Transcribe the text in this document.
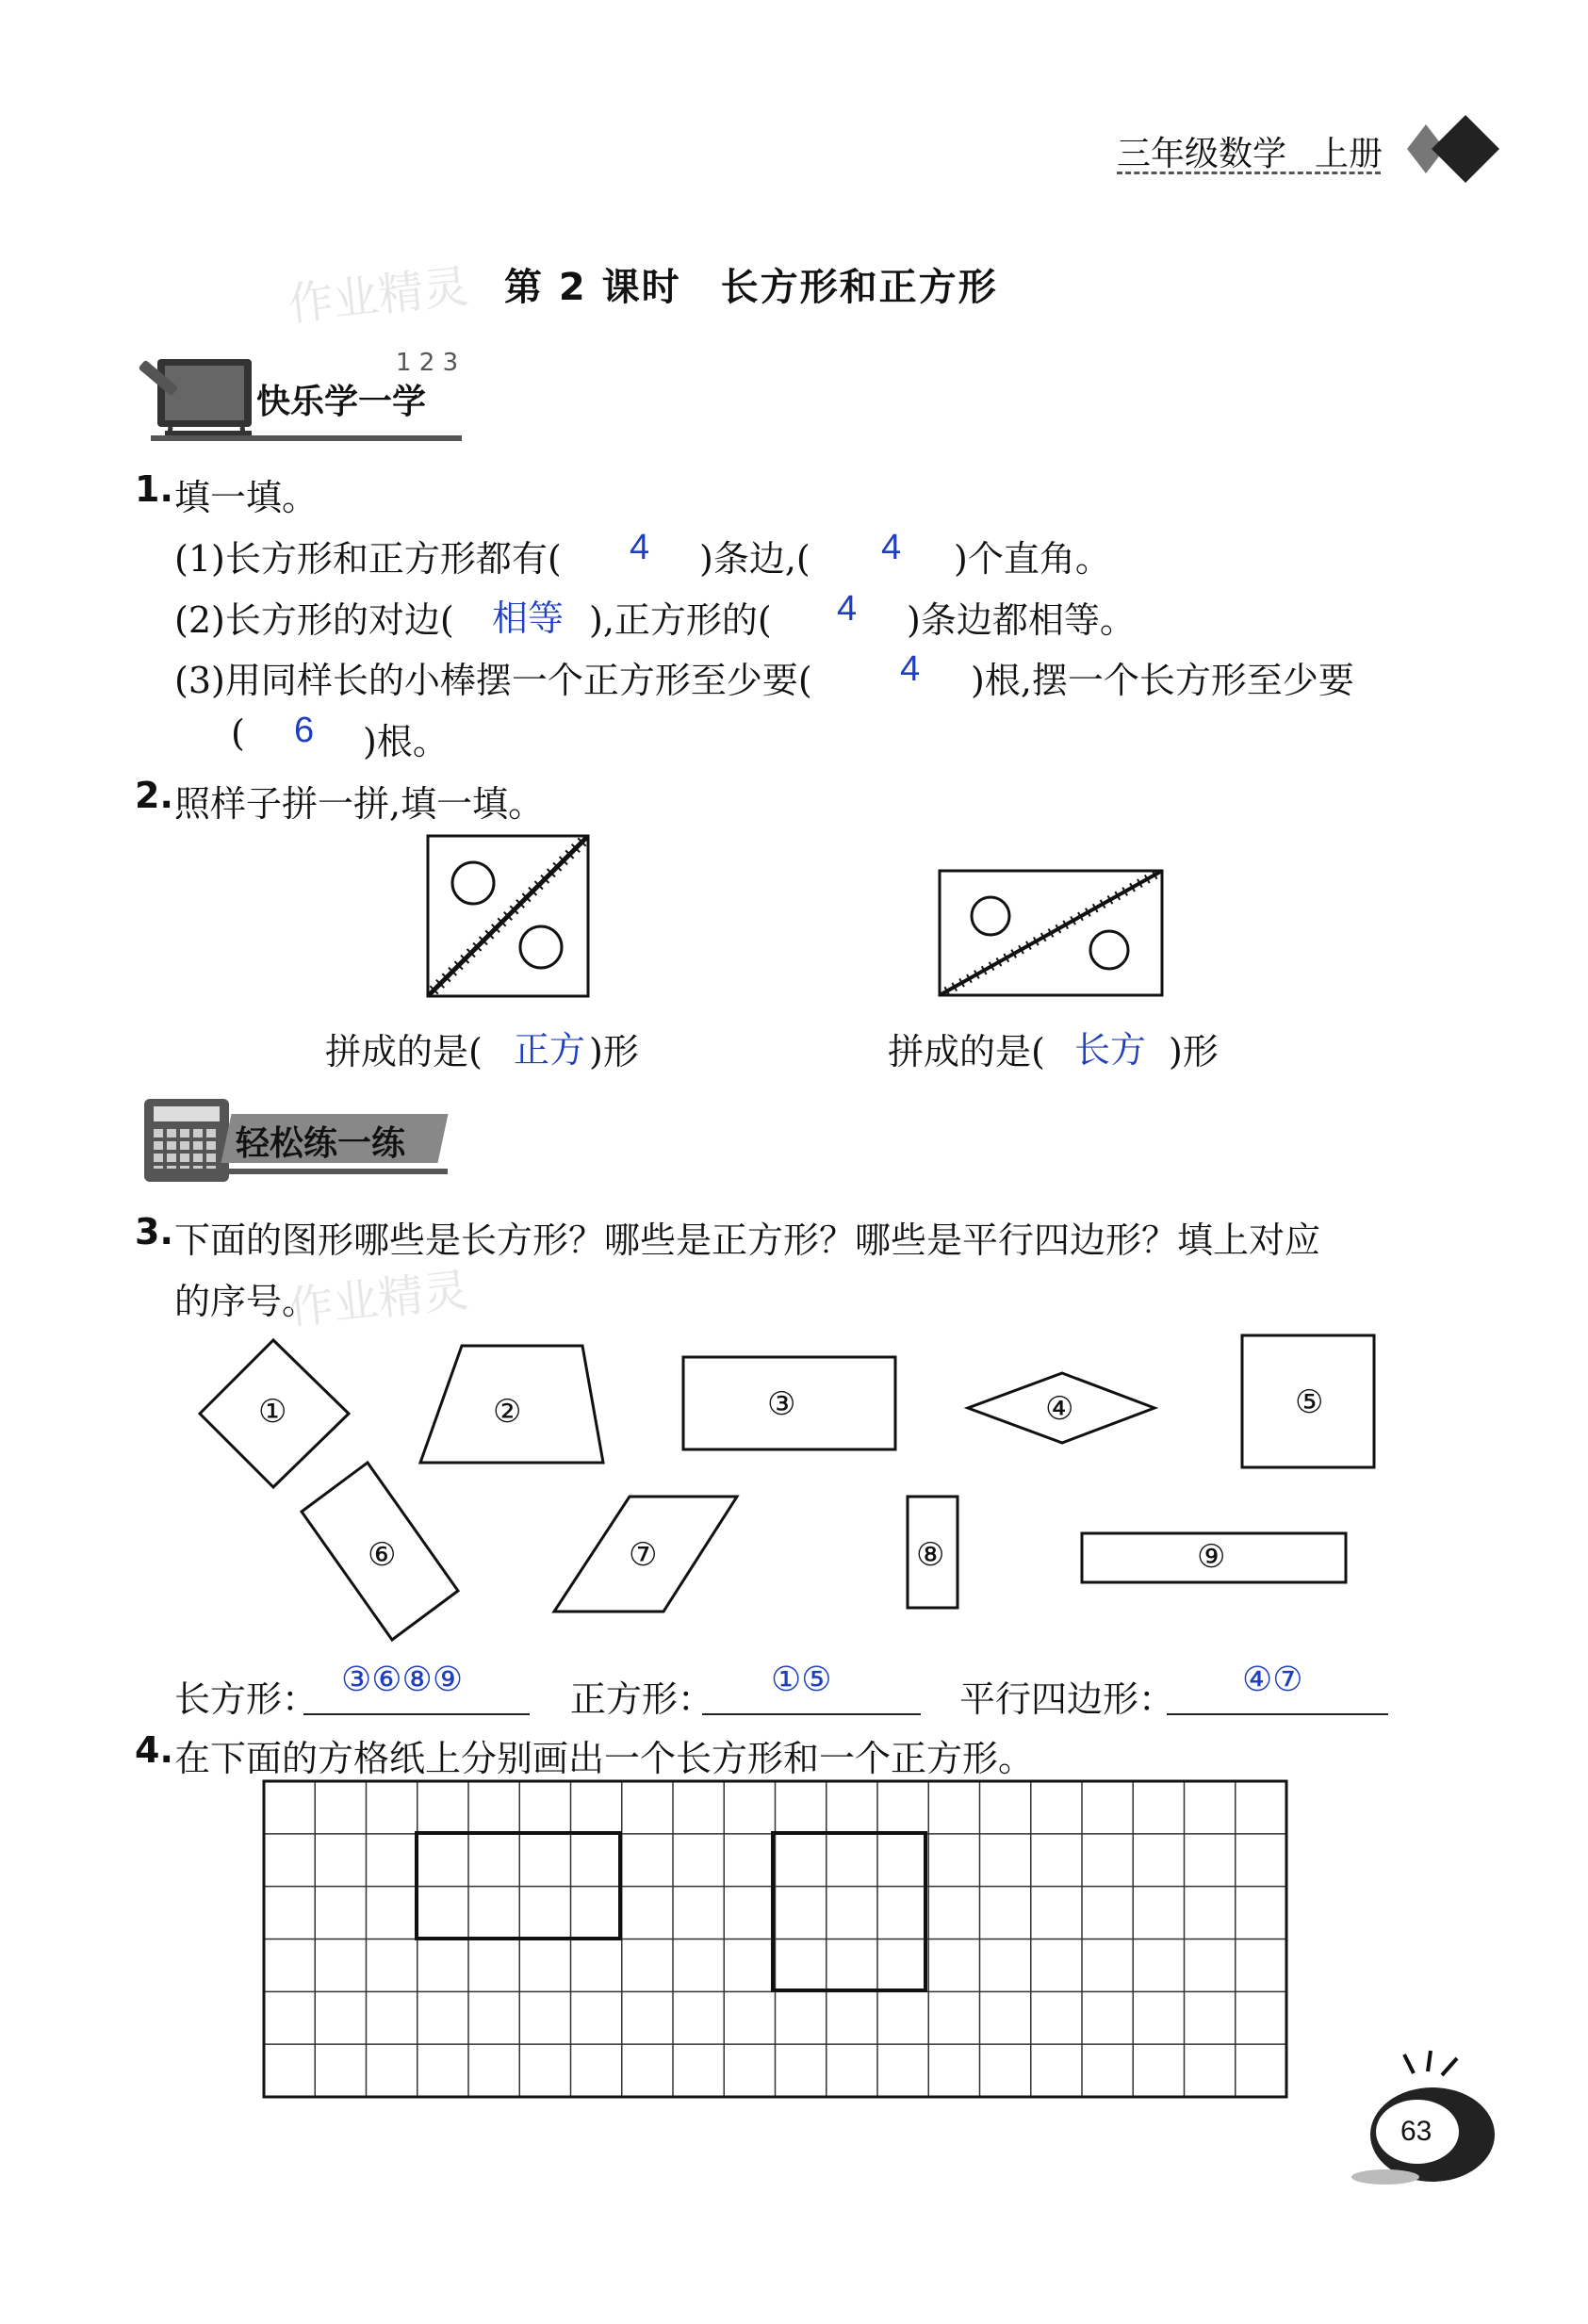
三年级数学 上册
作业精灵 第 2 课时　长方形和正方形
快乐学一学
1 2 3
1. 填一填。
(1)长方形和正方形都有( 4 )条边,( 4 )个直角。
(2)长方形的对边( 相等 ),正方形的( 4 )条边都相等。
(3)用同样长的小棒摆一个正方形至少要( 4 )根,摆一个长方形至少要
( 6 )根。
2. 照样子拼一拼,填一填。
拼成的是( 正方 )形	拼成的是( 长方 )形
轻松练一练
3. 下面的图形哪些是长方形？哪些是正方形？哪些是平行四边形？填上对应
的序号。
作业精灵
①	②	③	④	⑤
⑥	⑦	⑧	⑨
长方形： ③⑥⑧⑨	正方形： ①⑤	平行四边形： ④⑦
4. 在下面的方格纸上分别画出一个长方形和一个正方形。
63
